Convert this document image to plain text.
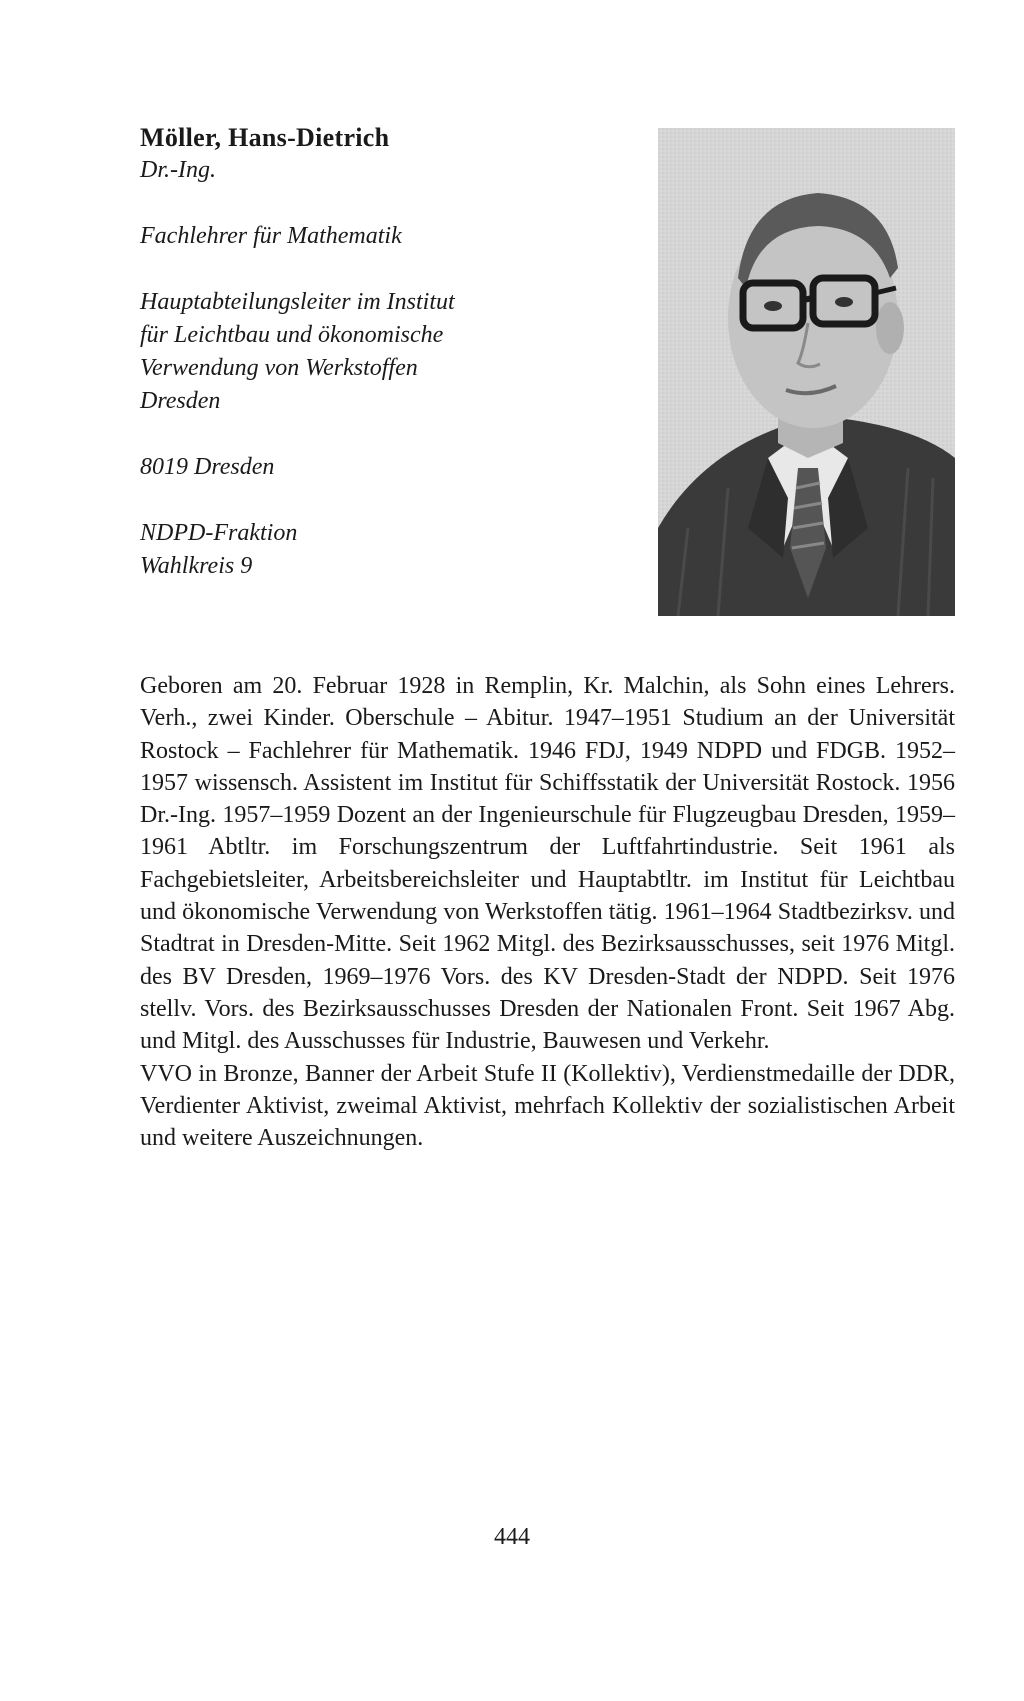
Möller, Hans-Dietrich

Dr.-Ing.

Fachlehrer für Mathematik

Hauptabteilungsleiter im Institut

für Leichtbau und ökonomische

Verwendung von Werkstoffen

Dresden

8019 Dresden

NDPD-Fraktion

Wahlkreis 9

Geboren am 20. Februar 1928 in Remplin, Kr. Malchin, als Sohn eines Lehrers. Verh., zwei Kinder. Oberschule – Abitur. 1947–1951 Studium an der Universität Rostock – Fachlehrer für Mathematik. 1946 FDJ, 1949 NDPD und FDGB. 1952–1957 wissensch. Assistent im Institut für Schiffsstatik der Universität Rostock. 1956 Dr.-Ing. 1957–1959 Dozent an der Ingenieurschule für Flugzeugbau Dresden, 1959–1961 Abtltr. im Forschungszentrum der Luftfahrtindustrie. Seit 1961 als Fachgebietsleiter, Arbeitsbereichsleiter und Hauptabtltr. im Institut für Leichtbau und ökonomische Verwendung von Werkstoffen tätig. 1961–1964 Stadtbezirksv. und Stadtrat in Dresden-Mitte. Seit 1962 Mitgl. des Bezirksausschusses, seit 1976 Mitgl. des BV Dresden, 1969–1976 Vors. des KV Dresden-Stadt der NDPD. Seit 1976 stellv. Vors. des Bezirksausschusses Dresden der Nationalen Front. Seit 1967 Abg. und Mitgl. des Ausschusses für Industrie, Bauwesen und Verkehr.

VVO in Bronze, Banner der Arbeit Stufe II (Kollektiv), Verdienstmedaille der DDR, Verdienter Aktivist, zweimal Aktivist, mehrfach Kollektiv der sozialistischen Arbeit und weitere Auszeichnungen.

444
